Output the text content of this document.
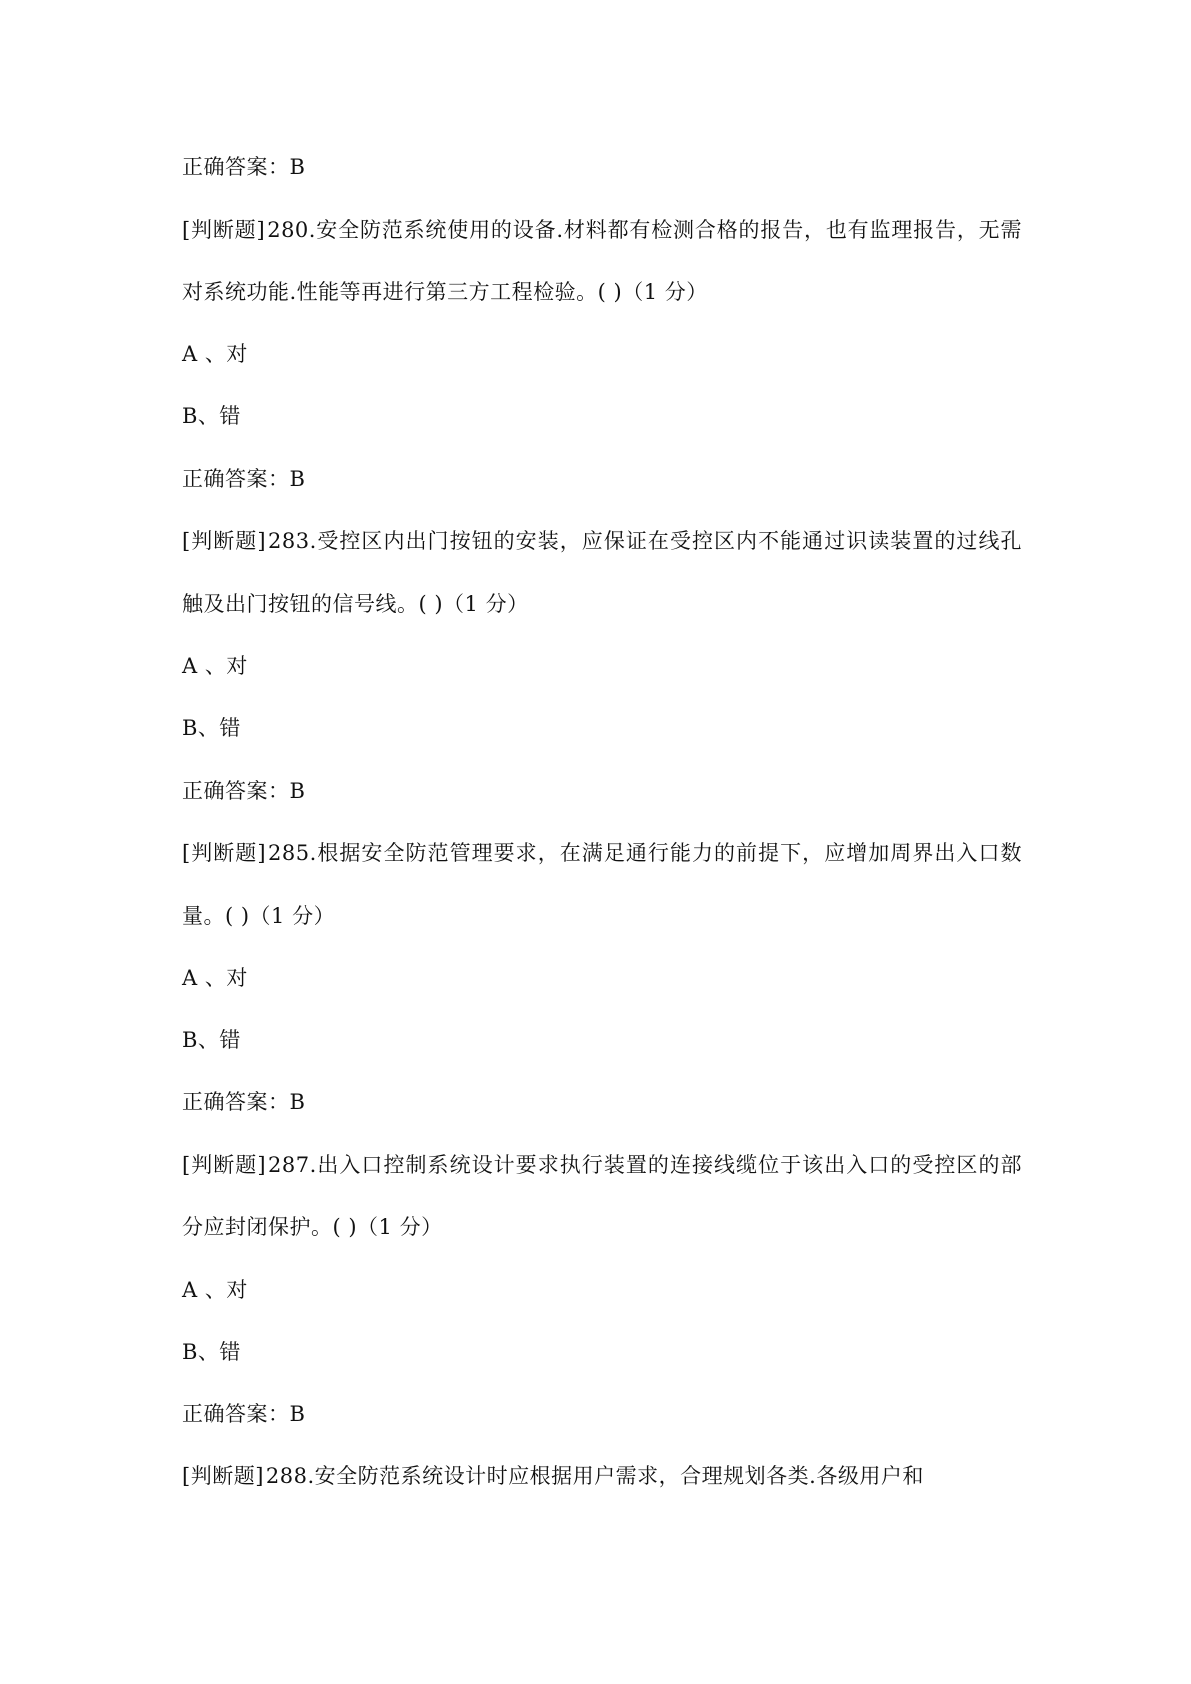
正确答案：B
[判断题]280.安全防范系统使用的设备.材料都有检测合格的报告，也有监理报告，无需对系统功能.性能等再进行第三方工程检验。( )（1 分）
A 、对
B、错
正确答案：B
[判断题]283.受控区内出门按钮的安装，应保证在受控区内不能通过识读装置的过线孔触及出门按钮的信号线。( )（1 分）
A 、对
B、错
正确答案：B
[判断题]285.根据安全防范管理要求，在满足通行能力的前提下，应增加周界出入口数量。( )（1 分）
A 、对
B、错
正确答案：B
[判断题]287.出入口控制系统设计要求执行装置的连接线缆位于该出入口的受控区的部分应封闭保护。( )（1 分）
A 、对
B、错
正确答案：B
[判断题]288.安全防范系统设计时应根据用户需求，合理规划各类.各级用户和
